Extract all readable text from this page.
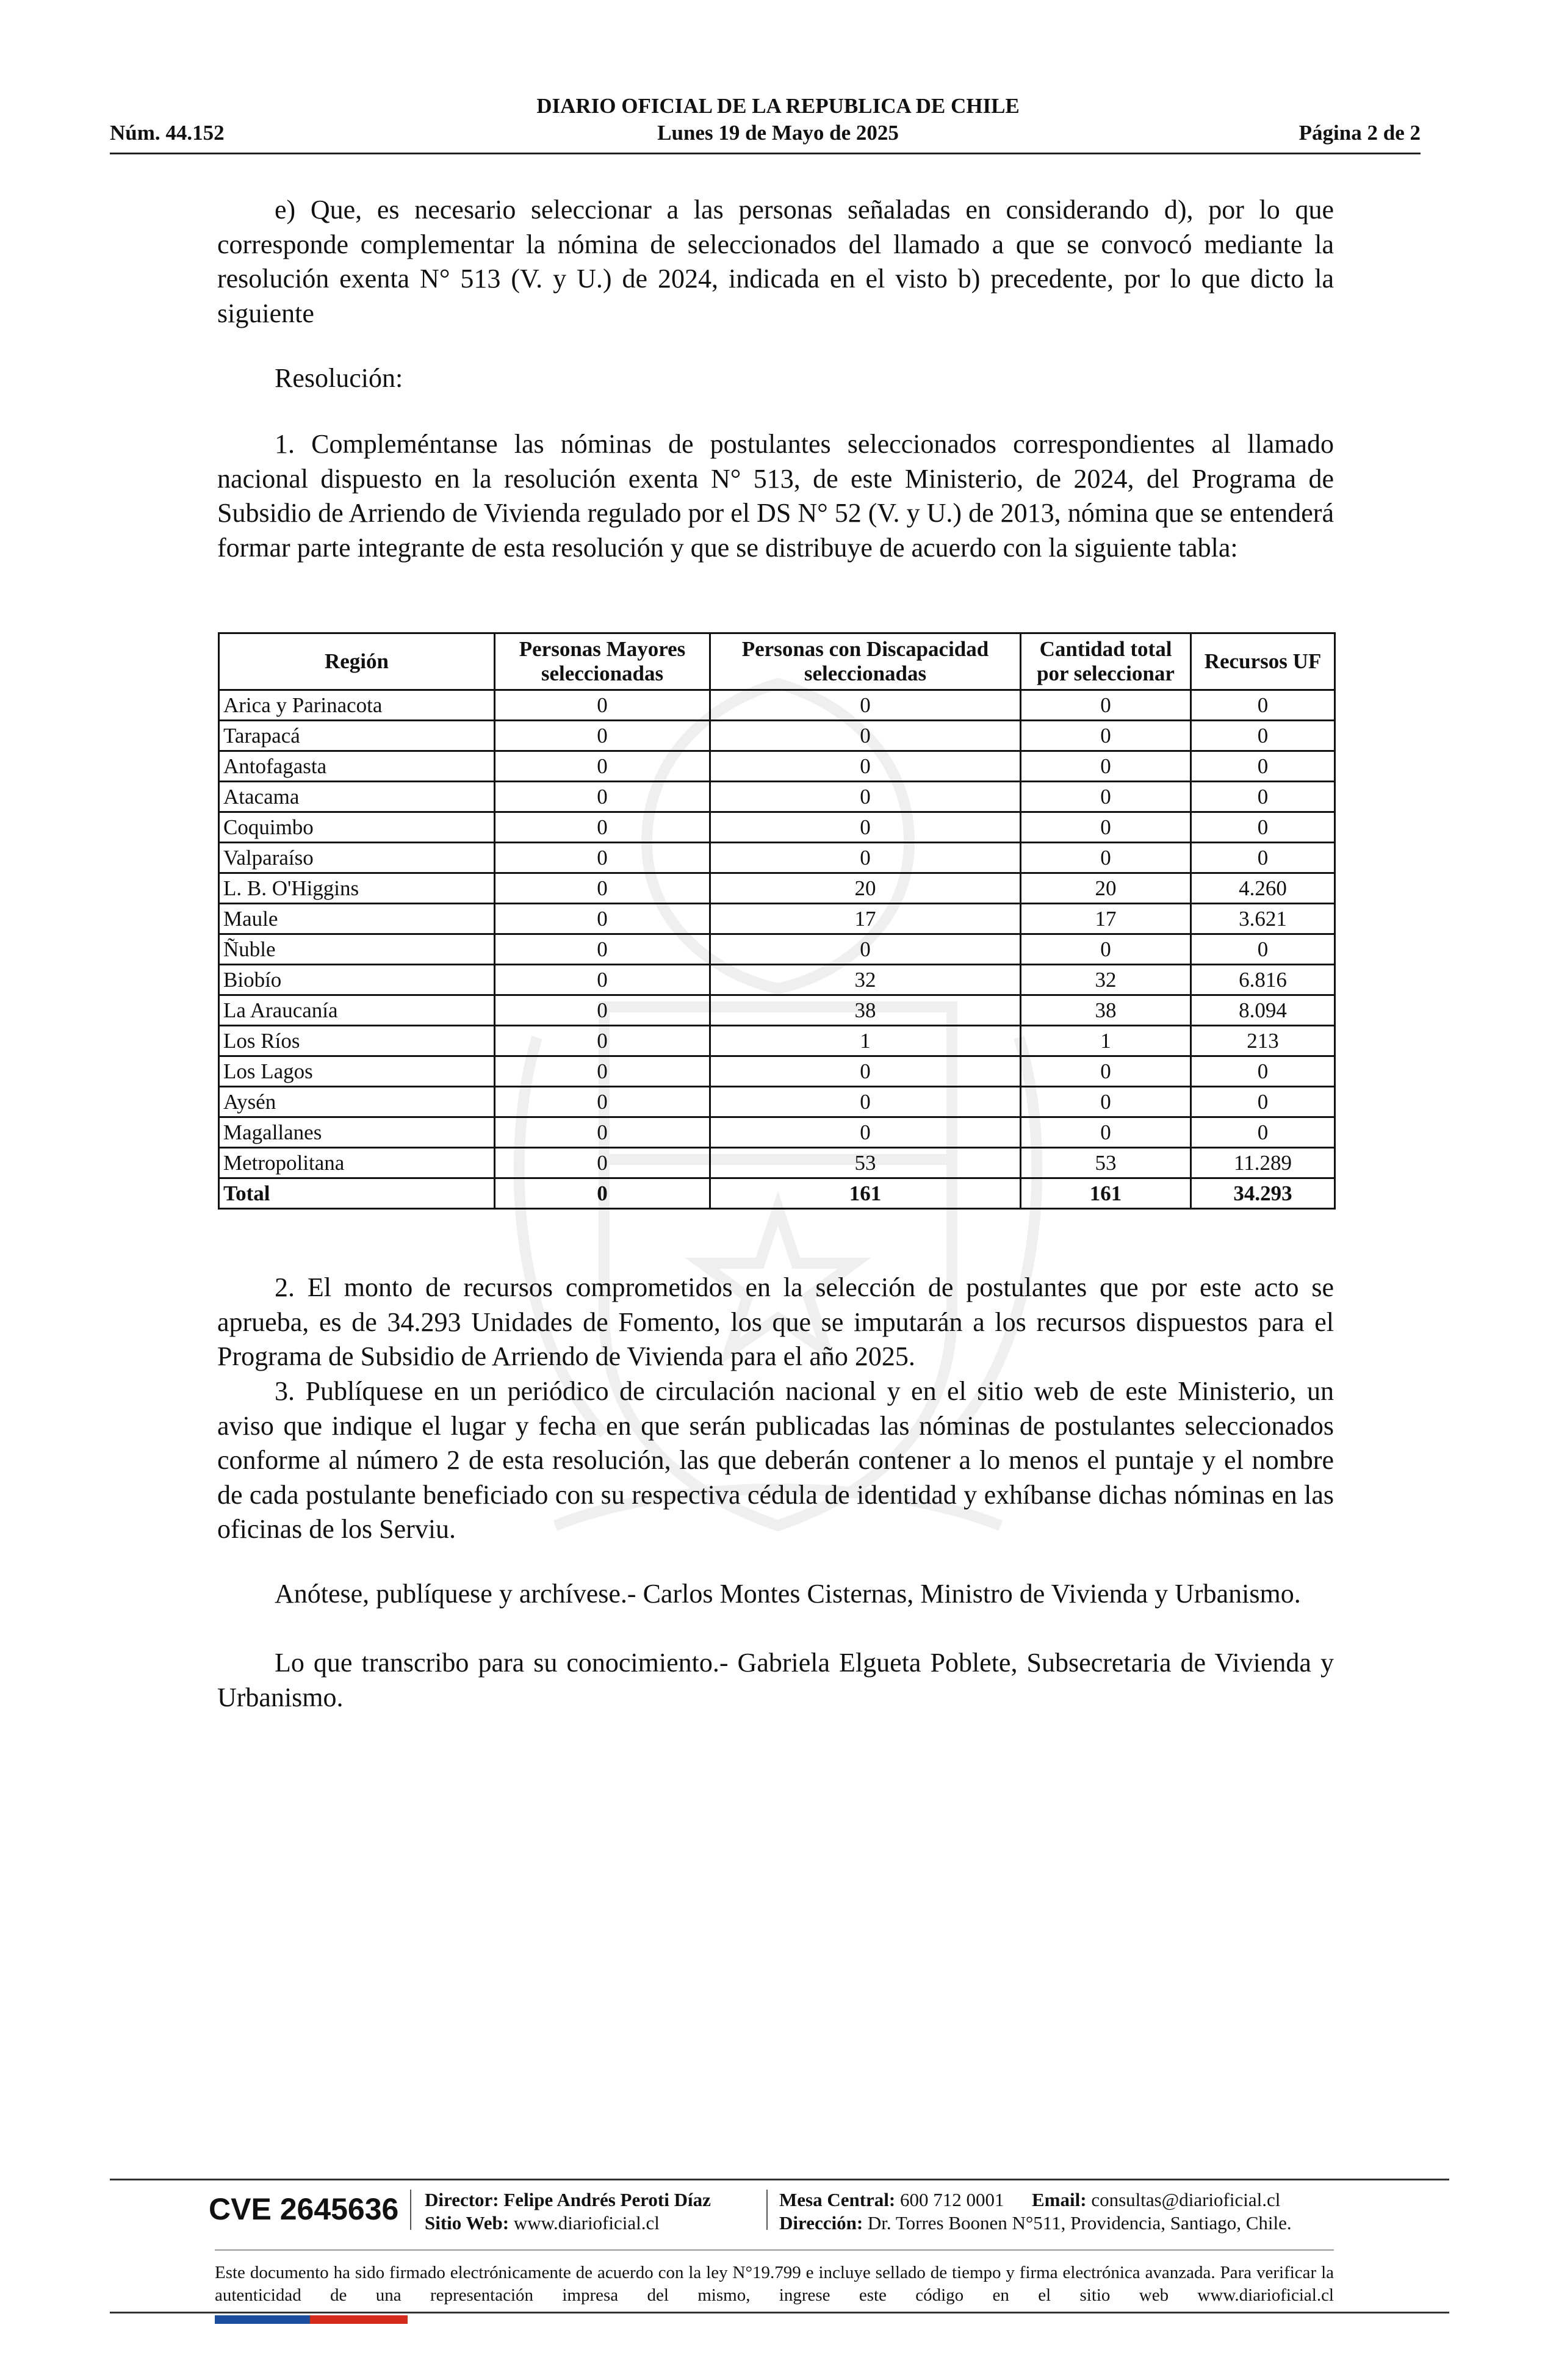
DIARIO OFICIAL DE LA REPUBLICA DE CHILE
Núm. 44.152	Lunes 19 de Mayo de 2025	Página 2 de 2

e) Que, es necesario seleccionar a las personas señaladas en considerando d), por lo que corresponde complementar la nómina de seleccionados del llamado a que se convocó mediante la resolución exenta N° 513 (V. y U.) de 2024, indicada en el visto b) precedente, por lo que dicto la siguiente

Resolución:

1. Compleméntanse las nóminas de postulantes seleccionados correspondientes al llamado nacional dispuesto en la resolución exenta N° 513, de este Ministerio, de 2024, del Programa de Subsidio de Arriendo de Vivienda regulado por el DS N° 52 (V. y U.) de 2013, nómina que se entenderá formar parte integrante de esta resolución y que se distribuye de acuerdo con la siguiente tabla:

Región	Personas Mayores seleccionadas	Personas con Discapacidad seleccionadas	Cantidad total por seleccionar	Recursos UF
Arica y Parinacota	0	0	0	0
Tarapacá	0	0	0	0
Antofagasta	0	0	0	0
Atacama	0	0	0	0
Coquimbo	0	0	0	0
Valparaíso	0	0	0	0
L. B. O'Higgins	0	20	20	4.260
Maule	0	17	17	3.621
Ñuble	0	0	0	0
Biobío	0	32	32	6.816
La Araucanía	0	38	38	8.094
Los Ríos	0	1	1	213
Los Lagos	0	0	0	0
Aysén	0	0	0	0
Magallanes	0	0	0	0
Metropolitana	0	53	53	11.289
Total	0	161	161	34.293

2. El monto de recursos comprometidos en la selección de postulantes que por este acto se aprueba, es de 34.293 Unidades de Fomento, los que se imputarán a los recursos dispuestos para el Programa de Subsidio de Arriendo de Vivienda para el año 2025.

3. Publíquese en un periódico de circulación nacional y en el sitio web de este Ministerio, un aviso que indique el lugar y fecha en que serán publicadas las nóminas de postulantes seleccionados conforme al número 2 de esta resolución, las que deberán contener a lo menos el puntaje y el nombre de cada postulante beneficiado con su respectiva cédula de identidad y exhíbanse dichas nóminas en las oficinas de los Serviu.

Anótese, publíquese y archívese.- Carlos Montes Cisternas, Ministro de Vivienda y Urbanismo.

Lo que transcribo para su conocimiento.- Gabriela Elgueta Poblete, Subsecretaria de Vivienda y Urbanismo.

CVE 2645636 Director: Felipe Andrés Peroti Díaz
Sitio Web: www.diarioficial.cl
Mesa Central: 600 712 0001 Email: consultas@diarioficial.cl
Dirección: Dr. Torres Boonen N°511, Providencia, Santiago, Chile.

Este documento ha sido firmado electrónicamente de acuerdo con la ley N°19.799 e incluye sellado de tiempo y firma electrónica avanzada. Para verificar la autenticidad de una representación impresa del mismo, ingrese este código en el sitio web www.diarioficial.cl
